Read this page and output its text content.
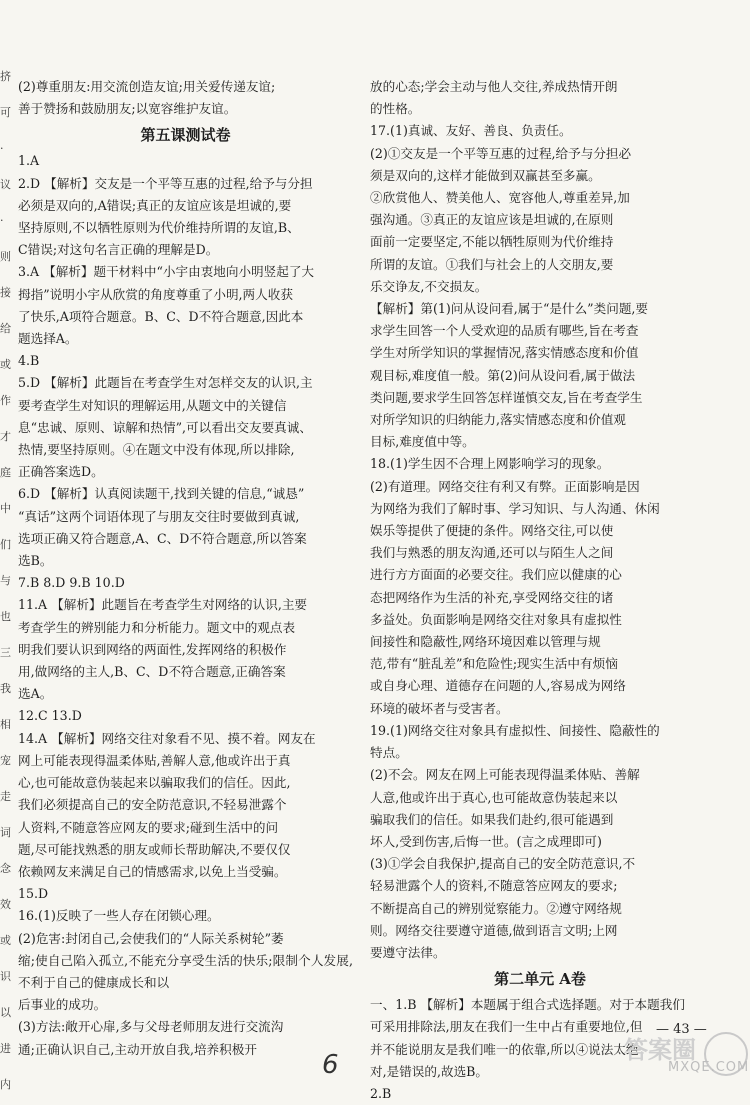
挤
可
·
议
·
则
接
给
或
作
才
庭
中
们
与
也
三
我
相
宠
走
词
念
效
或
识
以
进
内

(2)尊重朋友:用交流创造友谊;用关爱传递友谊;

善于赞扬和鼓励朋友;以宽容维护友谊。

第五课测试卷

1.A

2.D 【解析】交友是一个平等互惠的过程,给予与分担

必须是双向的,A错误;真正的友谊应该是坦诚的,要

坚持原则,不以牺牲原则为代价维持所谓的友谊,B、

C错误;对这句名言正确的理解是D。

3.A 【解析】题干材料中“小宇由衷地向小明竖起了大

拇指”说明小宇从欣赏的角度尊重了小明,两人收获

了快乐,A项符合题意。B、C、D不符合题意,因此本

题选择A。

4.B

5.D 【解析】此题旨在考查学生对怎样交友的认识,主

要考查学生对知识的理解运用,从题文中的关键信

息“忠诚、原则、谅解和热情”,可以看出交友要真诚、

热情,要坚持原则。④在题文中没有体现,所以排除,

正确答案选D。

6.D 【解析】认真阅读题干,找到关键的信息,“诚恳”

“真话”这两个词语体现了与朋友交往时要做到真诚,

选项正确又符合题意,A、C、D不符合题意,所以答案

选B。

7.B 8.D 9.B 10.D

11.A 【解析】此题旨在考查学生对网络的认识,主要

考查学生的辨别能力和分析能力。题文中的观点表

明我们要认识到网络的两面性,发挥网络的积极作

用,做网络的主人,B、C、D不符合题意,正确答案

选A。

12.C 13.D

14.A 【解析】网络交往对象看不见、摸不着。网友在

网上可能表现得温柔体贴,善解人意,他或许出于真

心,也可能故意伪装起来以骗取我们的信任。因此,

我们必须提高自己的安全防范意识,不轻易泄露个

人资料,不随意答应网友的要求;碰到生活中的问

题,尽可能找熟悉的朋友或师长帮助解决,不要仅仅

依赖网友来满足自己的情感需求,以免上当受骗。

15.D

16.(1)反映了一些人存在闭锁心理。

(2)危害:封闭自己,会使我们的“人际关系树轮”萎

缩;使自己陷入孤立,不能充分享受生活的快乐;限制个人发展,不利于自己的健康成长和以

后事业的成功。

(3)方法:敞开心扉,多与父母老师朋友进行交流沟

通;正确认识自己,主动开放自我,培养积极开

放的心态;学会主动与他人交往,养成热情开朗

的性格。

17.(1)真诚、友好、善良、负责任。

(2)①交友是一个平等互惠的过程,给予与分担必

须是双向的,这样才能做到双赢甚至多赢。

②欣赏他人、赞美他人、宽容他人,尊重差异,加

强沟通。③真正的友谊应该是坦诚的,在原则

面前一定要坚定,不能以牺牲原则为代价维持

所谓的友谊。①我们与社会上的人交朋友,要

乐交诤友,不交损友。

【解析】第(1)问从设问看,属于“是什么”类问题,要

求学生回答一个人受欢迎的品质有哪些,旨在考查

学生对所学知识的掌握情况,落实情感态度和价值

观目标,难度值一般。第(2)问从设问看,属于做法

类问题,要求学生回答怎样谨慎交友,旨在考查学生

对所学知识的归纳能力,落实情感态度和价值观

目标,难度值中等。

18.(1)学生因不合理上网影响学习的现象。

(2)有道理。网络交往有利又有弊。正面影响是因

为网络为我们了解时事、学习知识、与人沟通、休闲

娱乐等提供了便捷的条件。网络交往,可以使

我们与熟悉的朋友沟通,还可以与陌生人之间

进行方方面面的必要交往。我们应以健康的心

态把网络作为生活的补充,享受网络交往的诸

多益处。负面影响是网络交往对象具有虚拟性

间接性和隐蔽性,网络环境因难以管理与规

范,带有“脏乱差”和危险性;现实生活中有烦恼

或自身心理、道德存在问题的人,容易成为网络

环境的破坏者与受害者。

19.(1)网络交往对象具有虚拟性、间接性、隐蔽性的

特点。

(2)不会。网友在网上可能表现得温柔体贴、善解

人意,他或许出于真心,也可能故意伪装起来以

骗取我们的信任。如果我们赴约,很可能遇到

坏人,受到伤害,后悔一世。(言之成理即可)

(3)①学会自我保护,提高自己的安全防范意识,不

轻易泄露个人的资料,不随意答应网友的要求;

不断提高自己的辨别觉察能力。②遵守网络规

则。网络交往要遵守道德,做到语言文明;上网

要遵守法律。

第二单元 A卷

一、1.B 【解析】本题属于组合式选择题。对于本题我们

可采用排除法,朋友在我们一生中占有重要地位,但

并不能说朋友是我们唯一的依靠,所以④说法太绝

对,是错误的,故选B。

2.B

— 43 —
6	答案圈
MXQE.COM
